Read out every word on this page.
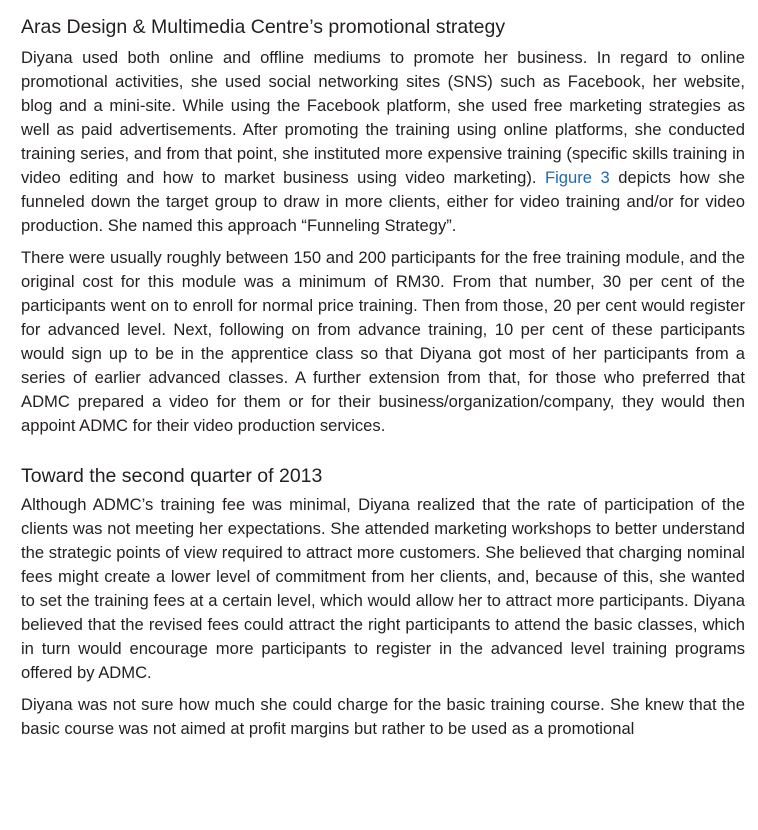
Aras Design & Multimedia Centre’s promotional strategy

Diyana used both online and offline mediums to promote her business. In regard to online promotional activities, she used social networking sites (SNS) such as Facebook, her website, blog and a mini-site. While using the Facebook platform, she used free marketing strategies as well as paid advertisements. After promoting the training using online platforms, she conducted training series, and from that point, she instituted more expensive training (specific skills training in video editing and how to market business using video marketing). Figure 3 depicts how she funneled down the target group to draw in more clients, either for video training and/or for video production. She named this approach “Funneling Strategy”.

There were usually roughly between 150 and 200 participants for the free training module, and the original cost for this module was a minimum of RM30. From that number, 30 per cent of the participants went on to enroll for normal price training. Then from those, 20 per cent would register for advanced level. Next, following on from advance training, 10 per cent of these participants would sign up to be in the apprentice class so that Diyana got most of her participants from a series of earlier advanced classes. A further extension from that, for those who preferred that ADMC prepared a video for them or for their business/organization/company, they would then appoint ADMC for their video production services.

Toward the second quarter of 2013

Although ADMC’s training fee was minimal, Diyana realized that the rate of participation of the clients was not meeting her expectations. She attended marketing workshops to better understand the strategic points of view required to attract more customers. She believed that charging nominal fees might create a lower level of commitment from her clients, and, because of this, she wanted to set the training fees at a certain level, which would allow her to attract more participants. Diyana believed that the revised fees could attract the right participants to attend the basic classes, which in turn would encourage more participants to register in the advanced level training programs offered by ADMC.

Diyana was not sure how much she could charge for the basic training course. She knew that the basic course was not aimed at profit margins but rather to be used as a promotional
